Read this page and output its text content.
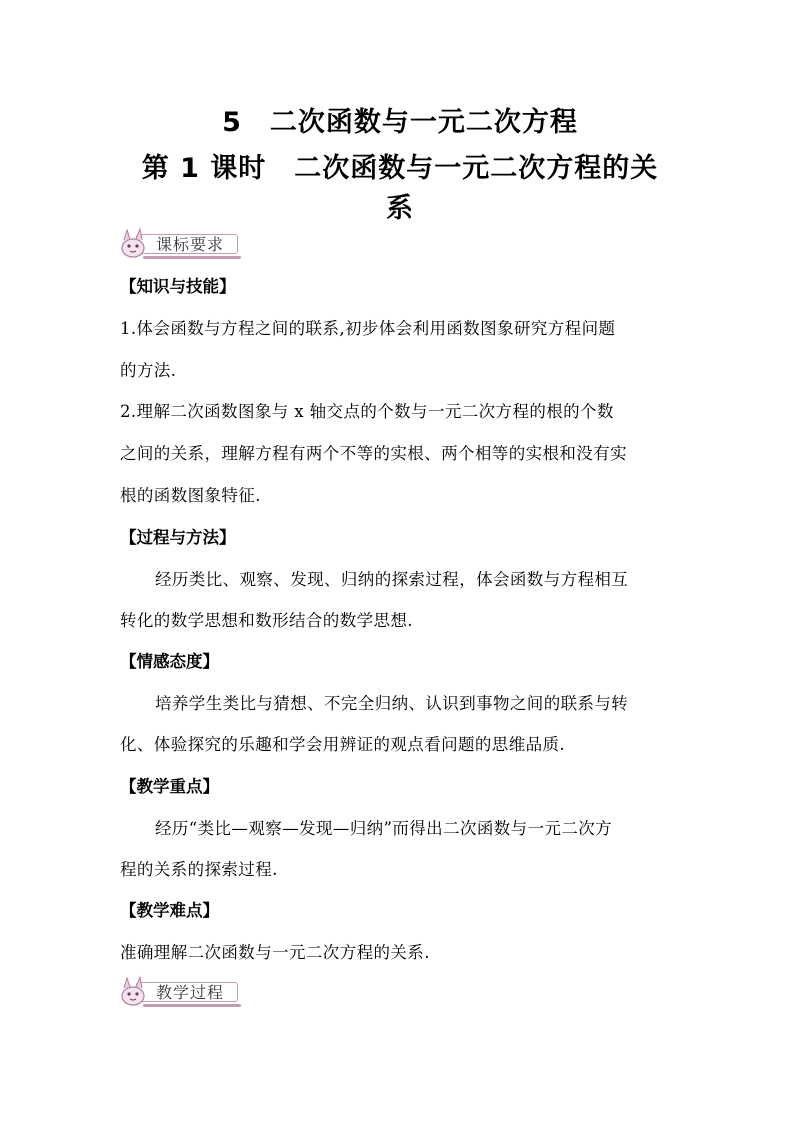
5　二次函数与一元二次方程
第 1 课时　二次函数与一元二次方程的关
系
课标要求
【知识与技能】
1.体会函数与方程之间的联系,初步体会利用函数图象研究方程问题
的方法.
2.理解二次函数图象与 x 轴交点的个数与一元二次方程的根的个数
之间的关系，理解方程有两个不等的实根、两个相等的实根和没有实
根的函数图象特征.
【过程与方法】
经历类比、观察、发现、归纳的探索过程，体会函数与方程相互
转化的数学思想和数形结合的数学思想.
【情感态度】
培养学生类比与猜想、不完全归纳、认识到事物之间的联系与转
化、体验探究的乐趣和学会用辨证的观点看问题的思维品质.
【教学重点】
经历“类比—观察—发现—归纳”而得出二次函数与一元二次方
程的关系的探索过程.
【教学难点】
准确理解二次函数与一元二次方程的关系.
教学过程
